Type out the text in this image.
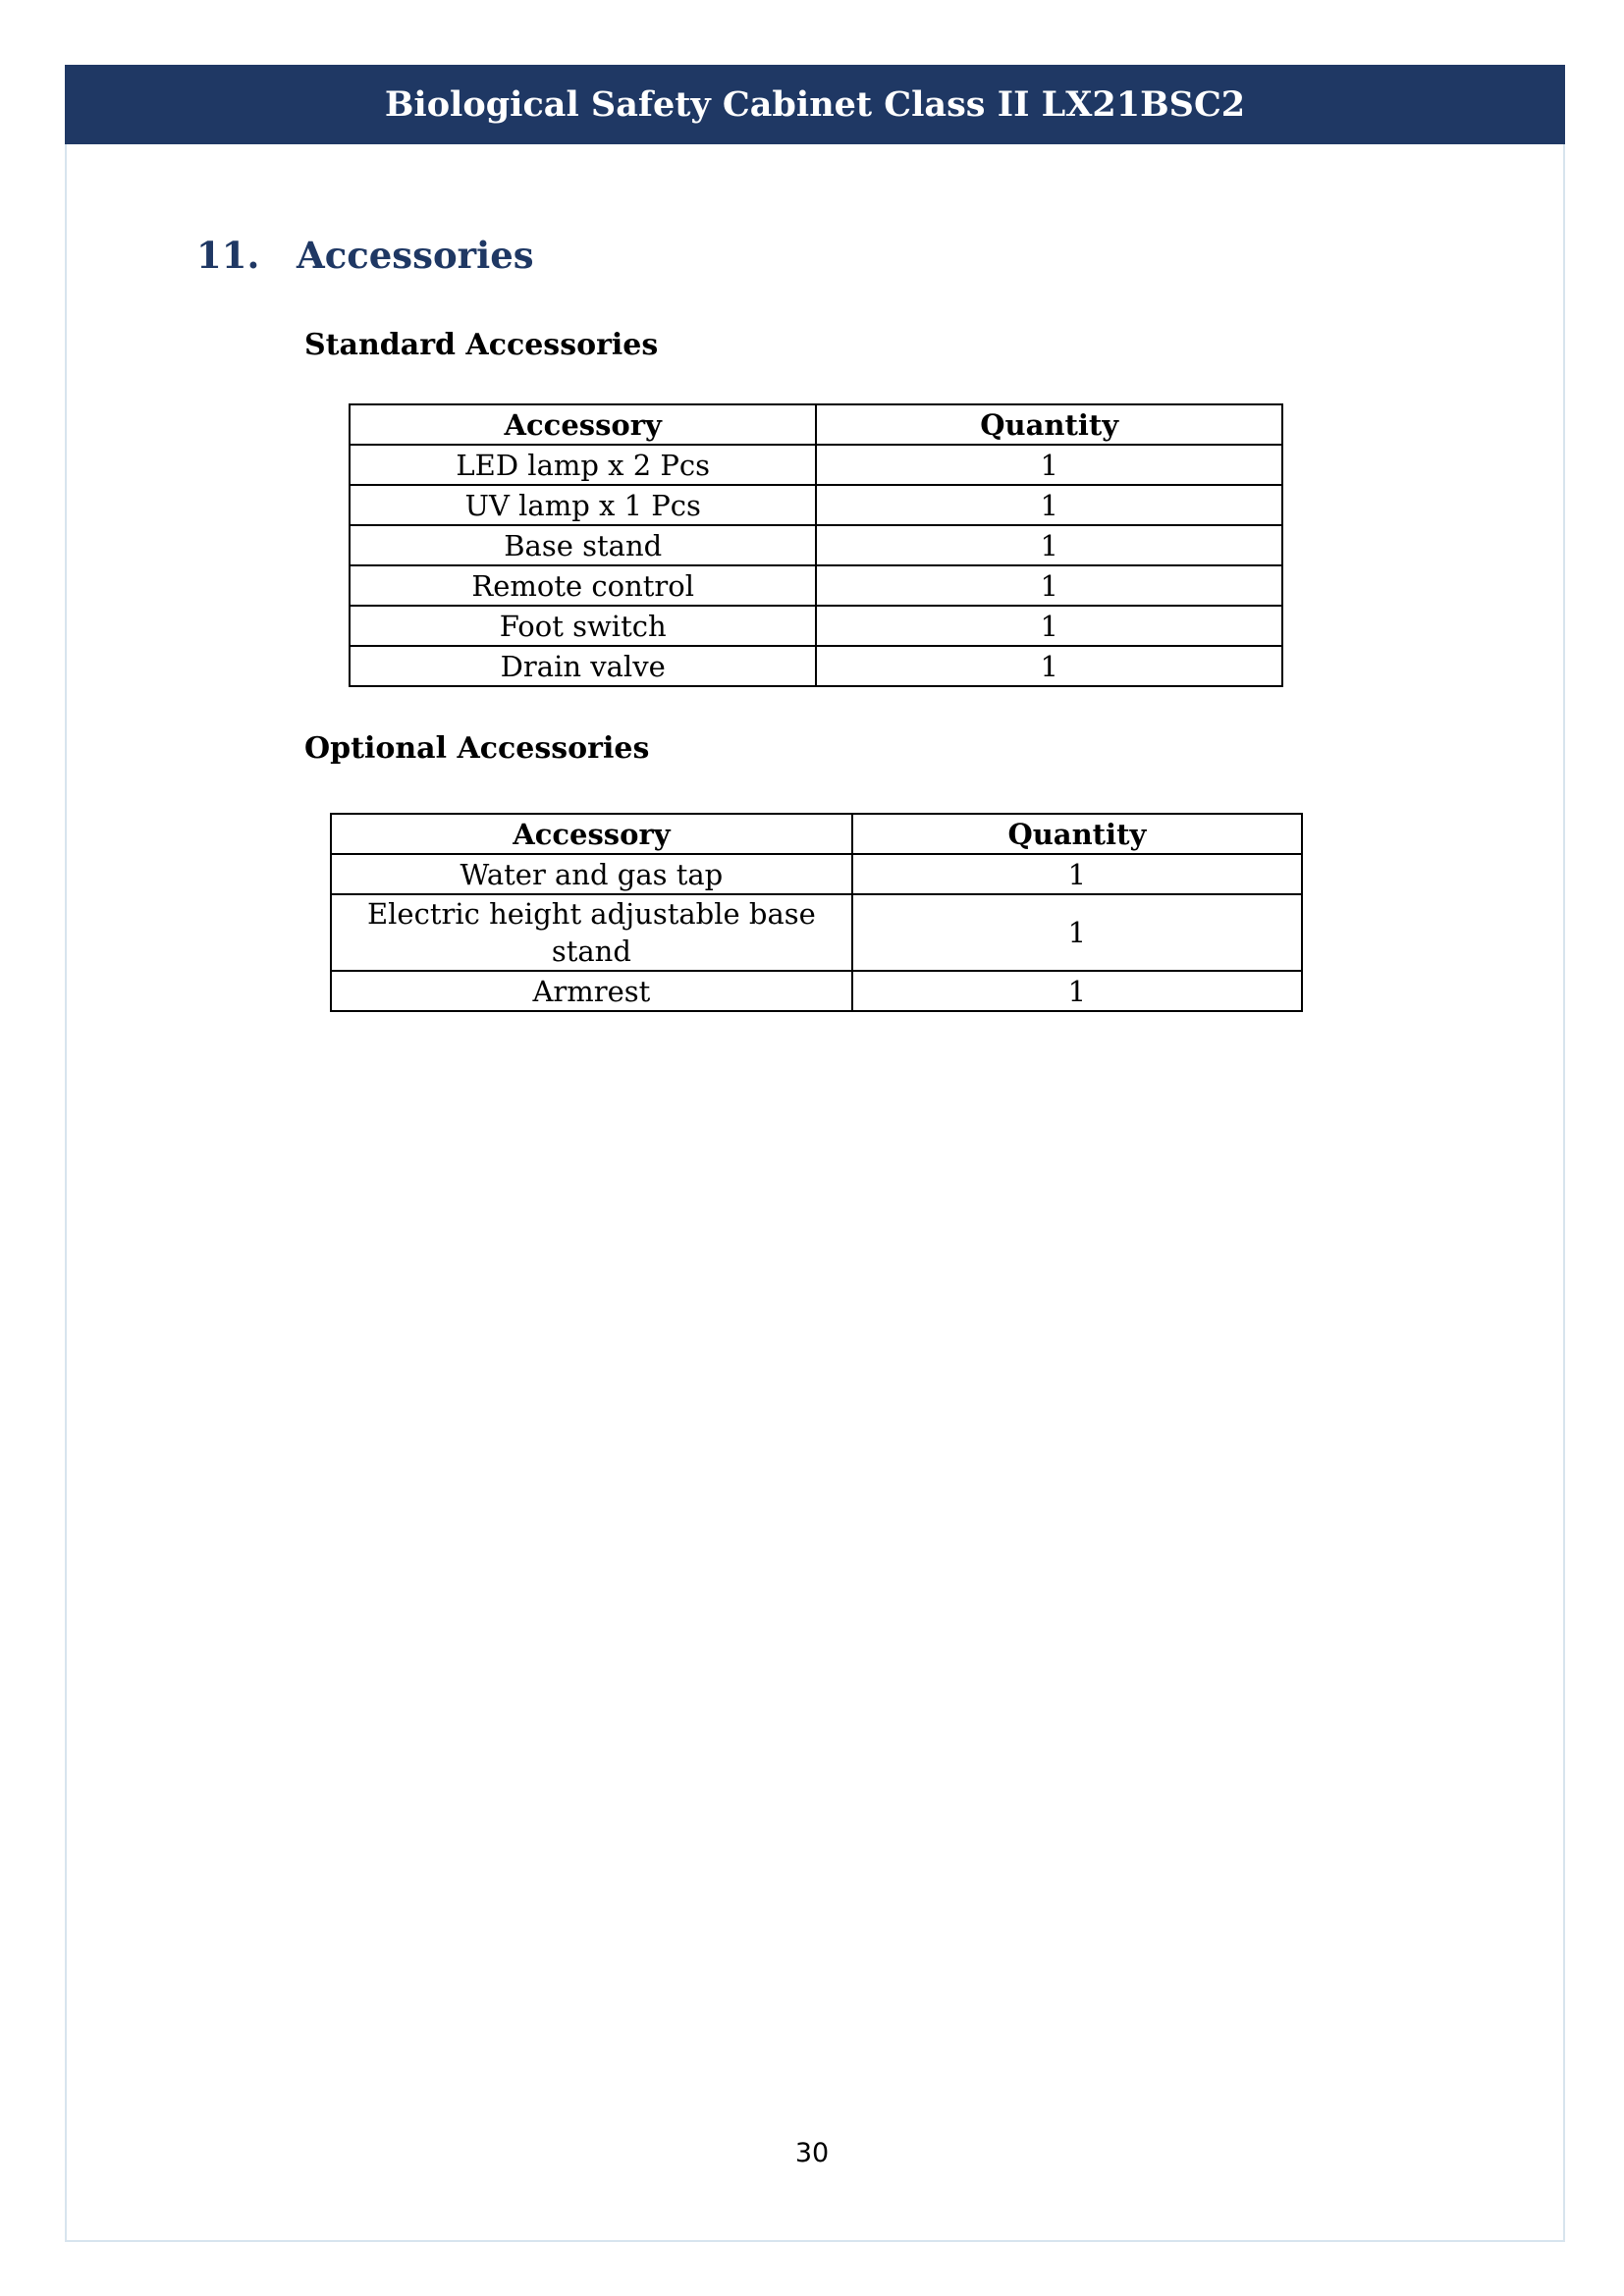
Biological Safety Cabinet Class II LX21BSC2
11.	Accessories
Standard Accessories
Accessory	Quantity
LED lamp x 2 Pcs	1
UV lamp x 1 Pcs	1
Base stand	1
Remote control	1
Foot switch	1
Drain valve	1
Optional Accessories
Accessory	Quantity
Water and gas tap	1
Electric height adjustable base stand	1
Armrest	1
30
